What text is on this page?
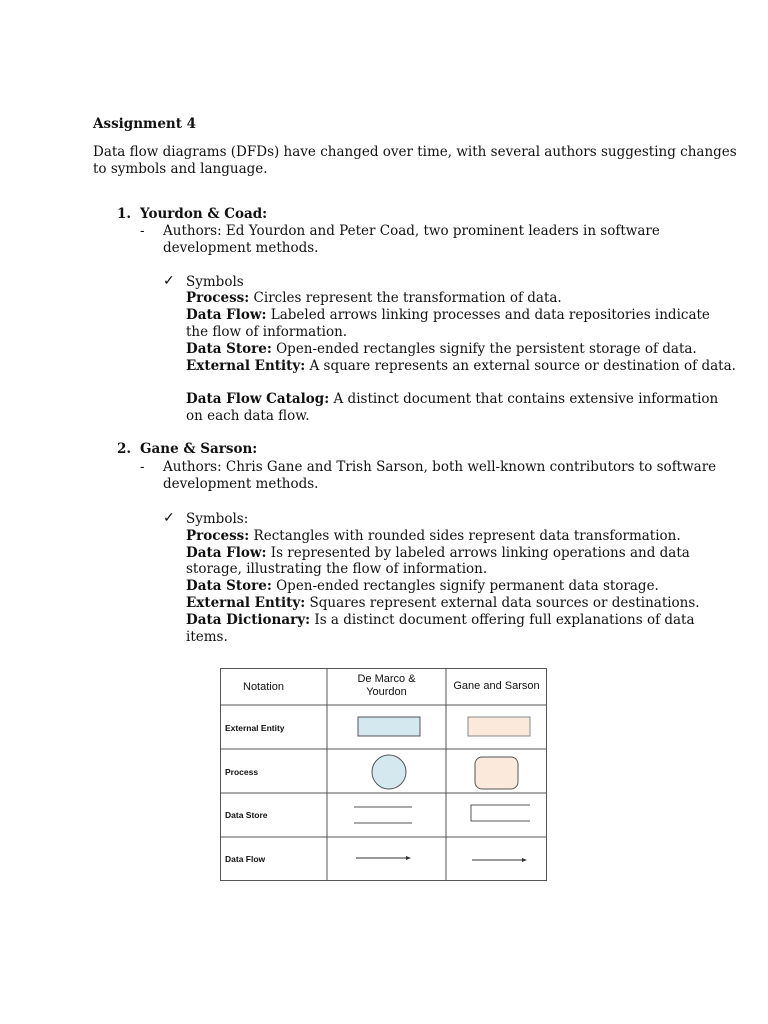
Assignment 4
Data flow diagrams (DFDs) have changed over time, with several authors suggesting changes
to symbols and language.
1. Yourdon & Coad:
- Authors: Ed Yourdon and Peter Coad, two prominent leaders in software
development methods.
✓ Symbols
Process: Circles represent the transformation of data.
Data Flow: Labeled arrows linking processes and data repositories indicate
the flow of information.
Data Store: Open-ended rectangles signify the persistent storage of data.
External Entity: A square represents an external source or destination of data.
Data Flow Catalog: A distinct document that contains extensive information
on each data flow.
2. Gane & Sarson:
- Authors: Chris Gane and Trish Sarson, both well-known contributors to software
development methods.
✓ Symbols:
Process: Rectangles with rounded sides represent data transformation.
Data Flow: Is represented by labeled arrows linking operations and data
storage, illustrating the flow of information.
Data Store: Open-ended rectangles signify permanent data storage.
External Entity: Squares represent external data sources or destinations.
Data Dictionary: Is a distinct document offering full explanations of data
items.
Notation
De Marco &
Yourdon	Gane and Sarson
External Entity
Process
Data Store
Data Flow
